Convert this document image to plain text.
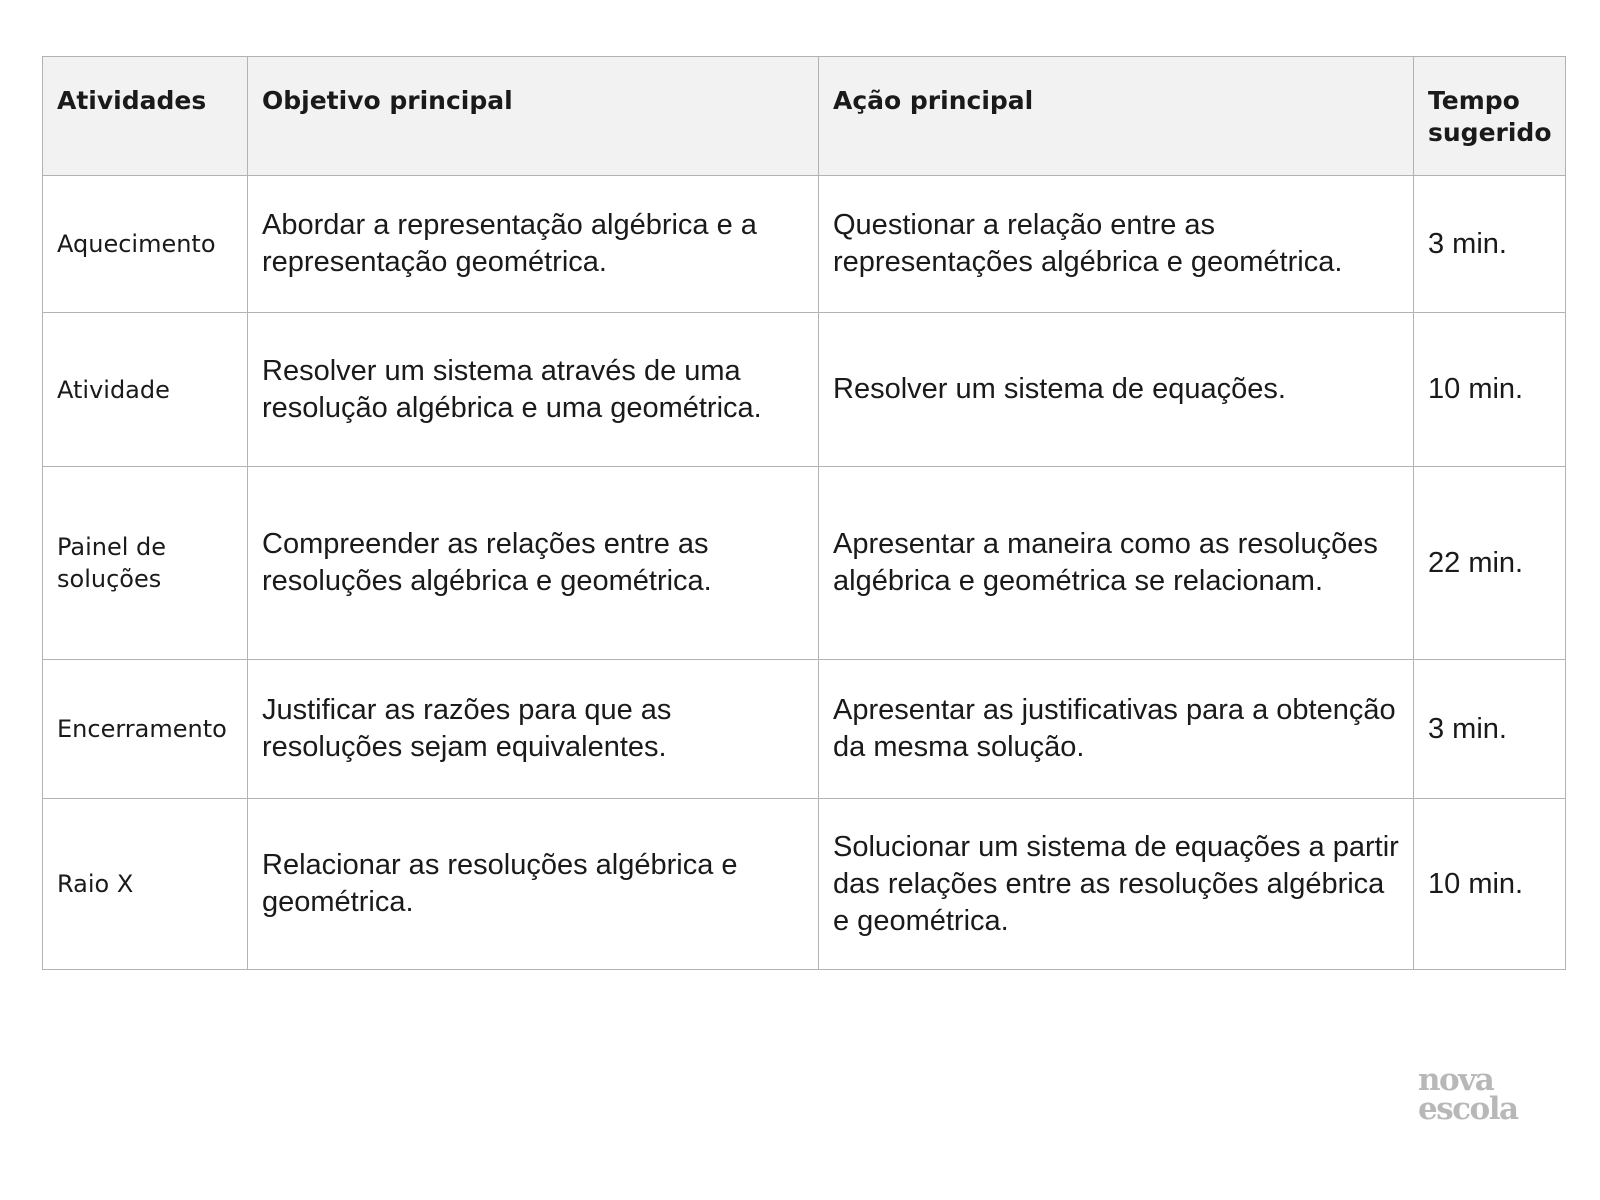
Atividades	Objetivo principal	Ação principal	Tempo sugerido
Aquecimento	Abordar a representação algébrica e a representação geométrica.	Questionar a relação entre as representações algébrica e geométrica.	3 min.
Atividade	Resolver um sistema através de uma resolução algébrica e uma geométrica.	Resolver um sistema de equações.	10 min.
Painel de soluções	Compreender as relações entre as resoluções algébrica e geométrica.	Apresentar a maneira como as resoluções algébrica e geométrica se relacionam.	22 min.
Encerramento	Justificar as razões para que as resoluções sejam equivalentes.	Apresentar as justificativas para a obtenção da mesma solução.	3 min.
Raio X	Relacionar as resoluções algébrica e geométrica.	Solucionar um sistema de equações a partir das relações entre as resoluções algébrica e geométrica.	10 min.
nova
escola
